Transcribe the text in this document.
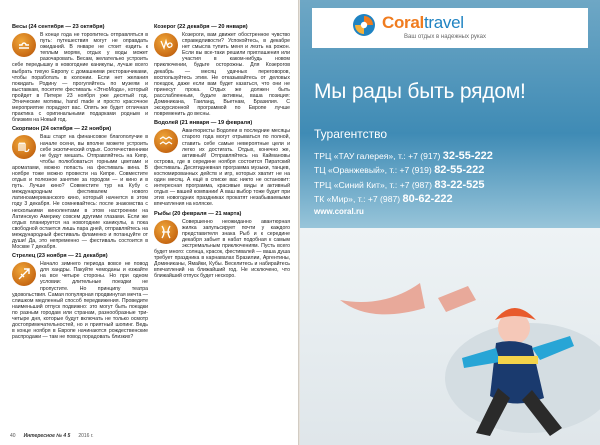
Весы (24 сентября — 23 октября)
В конце года не торопитесь отправляться в путь: путешествия могут не оправдать ожиданий. В январе не стоит ездить к теплым морям, отдых у воды может разочаровать. Весам, желательно устроить себе передышку в новогодние каникулы, лучше всего выбрать тихую Европу с домашними ресторанчиками, чтобы поработать в колонии. Если нет желания покидать Родину — прогуляйтесь по музеям и выставкам, посетите фестиваль «ЭтноМода», который пройдет в Питере 23 ноября уже десятый год. Этнические мотивы, hand made и просто красочное мероприятие порадуют вас. Опять же будет отличная практика с оригинальными подарками родным и близким на Новый год.
Скорпион (24 октября — 22 ноября)
Ваш старт на финансовое благополучие в начале осени, вы вполне можете устроить себе экзотический отдых. Соотечественники не будут мешать. Отправляйтесь на Кипр, чтобы полюбоваться горными цветами и ароматами, можно попасть на фестиваль вина. В ноябре тоже можно провести на Кипре. Совместите отдых и полезное занятие за городом — и кино и в путь. Лучше кино? Совместите тур на Кубу с международным фестивалем нового латиноамериканского кино, который начнется в этом году 3 декабря. Не сомневайтесь: после знакомства с несколькими кинолентами в этом настроении на Латинскую Америку совсем другими глазами. Если же отдых планируется на новогодние каникулы, а пока свободной остается лишь пара дней, отправляйтесь на международный фестиваль фламенко и потанцуйте от души! Да, это непременно — фестиваль состоится в Москве 7 декабря.
Стрелец (23 ноября — 21 декабря)
Начало зимнего периода вовсе не повод для хандры. Пакуйте чемоданы и езжайте на все четыре стороны. Но при одном условии: длительные поездки не пропустите. Но принципу театра удовольствия. Самая популярная продвинутая мечта — слишком медленный способ передвижения. Проведите наименьший отпуск подвижно: это могут быть поездки по разным городам или странам, разнообразные три-четыре дня, которые будут включать не только осмотр достопримечательностей, но и приятный шопинг. Ведь в конце ноября в Европе начинаются рождественские распродажи — там не повод порадовать близких?
Козерог (22 декабря — 20 января)
Козероги, вам движет обостренное чувство справедливости? Успокойтесь, в декабре нет смысла тупить меня и лезть на рожон. Если вы все-таки решили приглашения или участия в каком-нибудь новом приключении, будьте осторожны. Для Козерогов декабрь — месяц удачных переговоров, воспользуйтесь этим. Не отказывайтесь от деловых поездок, даже если вам будет казаться, что они не принесут прока. Отдых же должен быть расслабленным, будьте активны, ваша позиция: Доминикана, Таиланд, Вьетнам, Бразилия. С экскурсионной программой по Европе лучше повременить до весны.
Водолей (21 января — 19 февраля)
Авантюристы Водолеи в последние месяцы старого года могут отрываться по полной, ставить себе самые невероятные цели и легко их достигать. Отдых, конечно же, активный! Отправляйтесь на Каймановы острова, где в середине ноября состоится Пиратский фестиваль. Десятидневная программа музыки, танцев, костюмированных действ и игр, которых хватит не на один месяц. А ещё в списке вас никто не остановит: интересная программа, красивые виды и активный отдых — вашей компании! А ваш выбор тоже будет при этих новогодних праздниках прокатят незабываемыми впечатления на коляске.
Рыбы (20 февраля — 21 марта)
Совершенно неожиданно авантюрная жилка запульсирует почти у каждого представителя знака Рыб и к середине декабря забьет в набат подобная к самым экстремальным приключениям. Пусть всего будет много: солнца, красок, фестивалей — ваша душа требует праздника в карнавалах Бразилии, Аргентины, Доминиканы, Ямайки, Кубы. Веселитесь и набирайтесь впечатлений на ближайший год. Не исключено, что ближайший отпуск будет нескоро.
40 Интересное № 4 5 2016 г.
Coraltravel
Ваш отдых в надежных руках
Мы рады быть рядом!
Турагентство
ТРЦ «ТАУ галерея», т.: +7 (917) 32-55-222
ТЦ «Оранжевый», т.: +7 (919) 82-55-222
ТРЦ «Синий Кит», т.: +7 (987) 83-22-525
ТК «Мир», т.: +7 (987) 80-62-222
www.coral.ru
